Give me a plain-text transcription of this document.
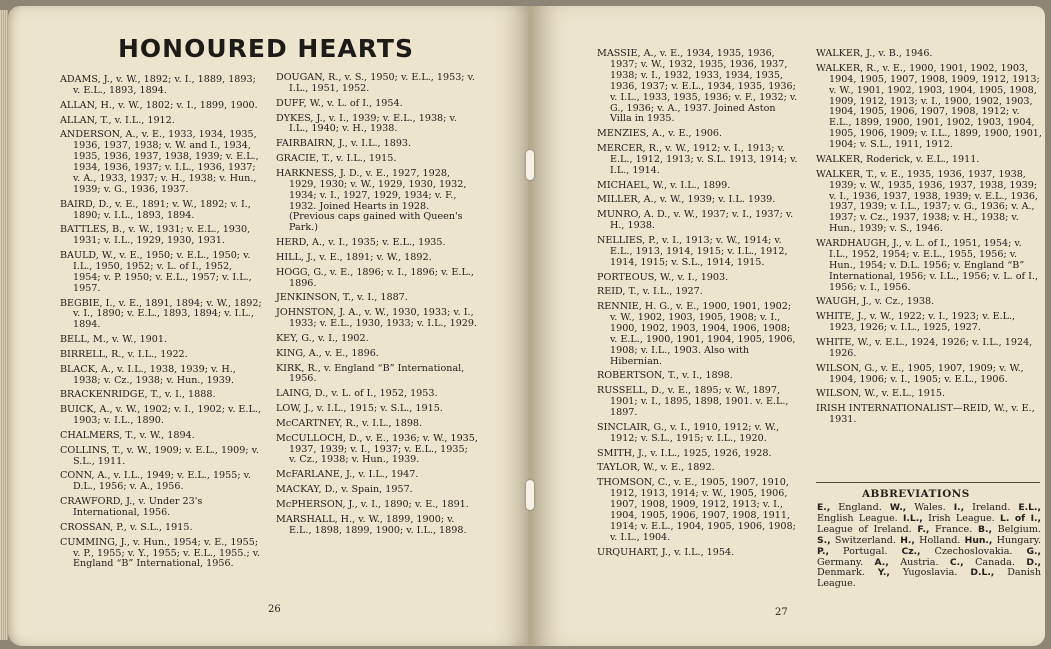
HONOURED HEARTS
ADAMS, J., v. W., 1892; v. I., 1889, 1893; v. E.L., 1893, 1894.
ALLAN, H., v. W., 1802; v. I., 1899, 1900.
ALLAN, T., v. I.L., 1912.
ANDERSON, A., v. E., 1933, 1934, 1935, 1936, 1937, 1938; v. W. and I., 1934, 1935, 1936, 1937, 1938, 1939; v. E.L., 1934, 1936, 1937; v. I.L., 1936, 1937; v. A., 1933, 1937; v. H., 1938; v. Hun., 1939; v. G., 1936, 1937.
BAIRD, D., v. E., 1891; v. W., 1892; v. I., 1890; v. I.L., 1893, 1894.
BATTLES, B., v. W., 1931; v. E.L., 1930, 1931; v. I.L., 1929, 1930, 1931.
BAULD, W., v. E., 1950; v. E.L., 1950; v. I.L., 1950, 1952; v. L. of I., 1952, 1954; v. P. 1950; v. E.L., 1957; v. I.L., 1957.
BEGBIE, I., v. E., 1891, 1894; v. W., 1892; v. I., 1890; v. E.L., 1893, 1894; v. I.L., 1894.
BELL, M., v. W., 1901.
BIRRELL, R., v. I.L., 1922.
BLACK, A., v. I.L., 1938, 1939; v. H., 1938; v. Cz., 1938; v. Hun., 1939.
BRACKENRIDGE, T., v. I., 1888.
BUICK, A., v. W., 1902; v. I., 1902; v. E.L., 1903; v. I.L., 1890.
CHALMERS, T., v. W., 1894.
COLLINS, T., v. W., 1909; v. E.L., 1909; v. S.L., 1911.
CONN, A., v. I.L., 1949; v. E.L., 1955; v. D.L., 1956; v. A., 1956.
CRAWFORD, J., v. Under 23's International, 1956.
CROSSAN, P., v. S.L., 1915.
CUMMING, J., v. Hun., 1954; v. E., 1955; v. P., 1955; v. Y., 1955; v. E.L., 1955.; v. England “B” International, 1956.
DOUGAN, R., v. S., 1950; v. E.L., 1953; v. I.L., 1951, 1952.
DUFF, W., v. L. of I., 1954.
DYKES, J., v. I., 1939; v. E.L., 1938; v. I.L., 1940; v. H., 1938.
FAIRBAIRN, J., v. I.L., 1893.
GRACIE, T., v. I.L., 1915.
HARKNESS, J. D., v. E., 1927, 1928, 1929, 1930; v. W., 1929, 1930, 1932, 1934; v. I., 1927, 1929, 1934; v. F., 1932. Joined Hearts in 1928. (Previous caps gained with Queen's Park.)
HERD, A., v. I., 1935; v. E.L., 1935.
HILL, J., v. E., 1891; v. W., 1892.
HOGG, G., v. E., 1896; v. I., 1896; v. E.L., 1896.
JENKINSON, T., v. I., 1887.
JOHNSTON, J. A., v. W., 1930, 1933; v. I., 1933; v. E.L., 1930, 1933; v. I.L., 1929.
KEY, G., v. I., 1902.
KING, A., v. E., 1896.
KIRK, R., v. England “B” International, 1956.
LAING, D., v. L. of I., 1952, 1953.
LOW, J., v. I.L., 1915; v. S.L., 1915.
McCARTNEY, R., v. I.L., 1898.
McCULLOCH, D., v. E., 1936; v. W., 1935, 1937, 1939; v. I., 1937; v. E.L., 1935; v. Cz., 1938; v. Hun., 1939.
McFARLANE, J., v. I.L., 1947.
MACKAY, D., v. Spain, 1957.
McPHERSON, J., v. I., 1890; v. E., 1891.
MARSHALL, H., v. W., 1899, 1900; v. E.L., 1898, 1899, 1900; v. I.L., 1898.
MASSIE, A., v. E., 1934, 1935, 1936, 1937; v. W., 1932, 1935, 1936, 1937, 1938; v. I., 1932, 1933, 1934, 1935, 1936, 1937; v. E.L., 1934, 1935, 1936; v. I.L., 1933, 1935, 1936; v. F., 1932; v. G., 1936; v. A., 1937. Joined Aston Villa in 1935.
MENZIES, A., v. E., 1906.
MERCER, R., v. W., 1912; v. I., 1913; v. E.L., 1912, 1913; v. S.L. 1913, 1914; v. I.L., 1914.
MICHAEL, W., v. I.L., 1899.
MILLER, A., v. W., 1939; v. I.L. 1939.
MUNRO, A. D., v. W., 1937; v. I., 1937; v. H., 1938.
NELLIES, P., v. I., 1913; v. W., 1914; v. E.L., 1913, 1914, 1915; v. I.L., 1912, 1914, 1915; v. S.L., 1914, 1915.
PORTEOUS, W., v. I., 1903.
REID, T., v. I.L., 1927.
RENNIE, H. G., v. E., 1900, 1901, 1902; v. W., 1902, 1903, 1905, 1908; v. I., 1900, 1902, 1903, 1904, 1906, 1908; v. E.L., 1900, 1901, 1904, 1905, 1906, 1908; v. I.L., 1903. Also with Hibernian.
ROBERTSON, T., v. I., 1898.
RUSSELL, D., v. E., 1895; v. W., 1897, 1901; v. I., 1895, 1898, 1901. v. E.L., 1897.
SINCLAIR, G., v. I., 1910, 1912; v. W., 1912; v. S.L., 1915; v. I.L., 1920.
SMITH, J., v. I.L., 1925, 1926, 1928.
TAYLOR, W., v. E., 1892.
THOMSON, C., v. E., 1905, 1907, 1910, 1912, 1913, 1914; v. W., 1905, 1906, 1907, 1908, 1909, 1912, 1913; v. I., 1904, 1905, 1906, 1907, 1908, 1911, 1914; v. E.L., 1904, 1905, 1906, 1908; v. I.L., 1904.
URQUHART, J., v. I.L., 1954.
WALKER, J., v. B., 1946.
WALKER, R., v. E., 1900, 1901, 1902, 1903, 1904, 1905, 1907, 1908, 1909, 1912, 1913; v. W., 1901, 1902, 1903, 1904, 1905, 1908, 1909, 1912, 1913; v. I., 1900, 1902, 1903, 1904, 1905, 1906, 1907, 1908, 1912; v. E.L., 1899, 1900, 1901, 1902, 1903, 1904, 1905, 1906, 1909; v. I.L., 1899, 1900, 1901, 1904; v. S.L., 1911, 1912.
WALKER, Roderick, v. E.L., 1911.
WALKER, T., v. E., 1935, 1936, 1937, 1938, 1939; v. W., 1935, 1936, 1937, 1938, 1939; v. I., 1936, 1937, 1938, 1939; v. E.L., 1936, 1937, 1939; v. I.L., 1937; v. G., 1936; v. A., 1937; v. Cz., 1937, 1938; v. H., 1938; v. Hun., 1939; v. S., 1946.
WARDHAUGH, J., v. L. of I., 1951, 1954; v. I.L., 1952, 1954; v. E.L., 1955, 1956; v. Hun., 1954; v. D.L. 1956; v. England “B” International, 1956; v. I.L., 1956; v. L. of I., 1956; v. I., 1956.
WAUGH, J., v. Cz., 1938.
WHITE, J., v. W., 1922; v. I., 1923; v. E.L., 1923, 1926; v. I.L., 1925, 1927.
WHITE, W., v. E.L., 1924, 1926; v. I.L., 1924, 1926.
WILSON, G., v. E., 1905, 1907, 1909; v. W., 1904, 1906; v. I., 1905; v. E.L., 1906.
WILSON, W., v. E.L., 1915.
IRISH INTERNATIONALIST—REID, W., v. E., 1931.
ABBREVIATIONS

E., England. W., Wales. I., Ireland. E.L., English League. I.L., Irish League. L. of I., League of Ireland. F., France. B., Belgium. S., Switzerland. H., Holland. Hun., Hungary. P., Portugal. Cz., Czechoslovakia. G., Germany. A., Austria. C., Canada. D., Denmark. Y., Yugoslavia. D.L., Danish League.

26	27
